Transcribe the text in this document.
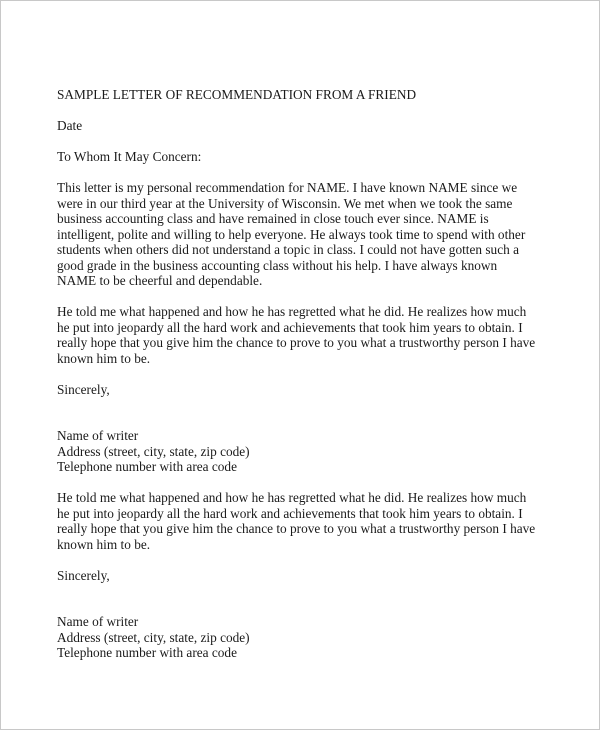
SAMPLE LETTER OF RECOMMENDATION FROM A FRIEND
Date
To Whom It May Concern:
This letter is my personal recommendation for NAME. I have known NAME since we
were in our third year at the University of Wisconsin. We met when we took the same
business accounting class and have remained in close touch ever since. NAME is
intelligent, polite and willing to help everyone. He always took time to spend with other
students when others did not understand a topic in class. I could not have gotten such a
good grade in the business accounting class without his help. I have always known
NAME to be cheerful and dependable.
He told me what happened and how he has regretted what he did. He realizes how much
he put into jeopardy all the hard work and achievements that took him years to obtain. I
really hope that you give him the chance to prove to you what a trustworthy person I have
known him to be.
Sincerely,
Name of writer
Address (street, city, state, zip code)
Telephone number with area code
He told me what happened and how he has regretted what he did. He realizes how much
he put into jeopardy all the hard work and achievements that took him years to obtain. I
really hope that you give him the chance to prove to you what a trustworthy person I have
known him to be.
Sincerely,
Name of writer
Address (street, city, state, zip code)
Telephone number with area code
